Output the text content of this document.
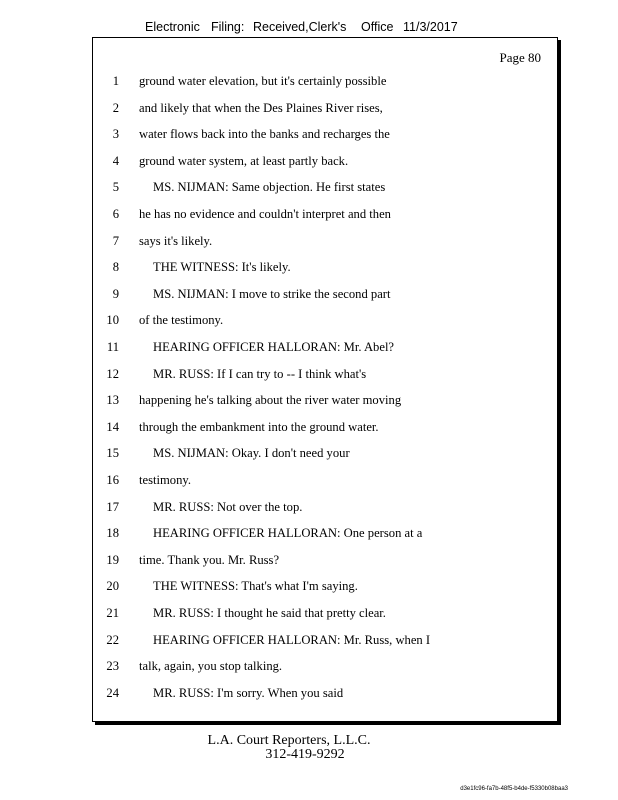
Electronic Filing: Received,Clerk's Office 11/3/2017
Page 80
1 ground water elevation, but it's certainly possible
2 and likely that when the Des Plaines River rises,
3 water flows back into the banks and recharges the
4 ground water system, at least partly back.
5	MS. NIJMAN: Same objection. He first states
6 he has no evidence and couldn't interpret and then
7 says it's likely.
8	THE WITNESS: It's likely.
9	MS. NIJMAN: I move to strike the second part
10 of the testimony.
11	HEARING OFFICER HALLORAN: Mr. Abel?
12	MR. RUSS: If I can try to -- I think what's
13 happening he's talking about the river water moving
14 through the embankment into the ground water.
15	MS. NIJMAN: Okay. I don't need your
16 testimony.
17	MR. RUSS: Not over the top.
18	HEARING OFFICER HALLORAN: One person at a
19 time. Thank you. Mr. Russ?
20	THE WITNESS: That's what I'm saying.
21	MR. RUSS: I thought he said that pretty clear.
22	HEARING OFFICER HALLORAN: Mr. Russ, when I
23 talk, again, you stop talking.
24	MR. RUSS: I'm sorry. When you said
L.A. Court Reporters, L.L.C.
312-419-9292
d3e1fc96-fa7b-48f5-b4de-f5330b08baa3
